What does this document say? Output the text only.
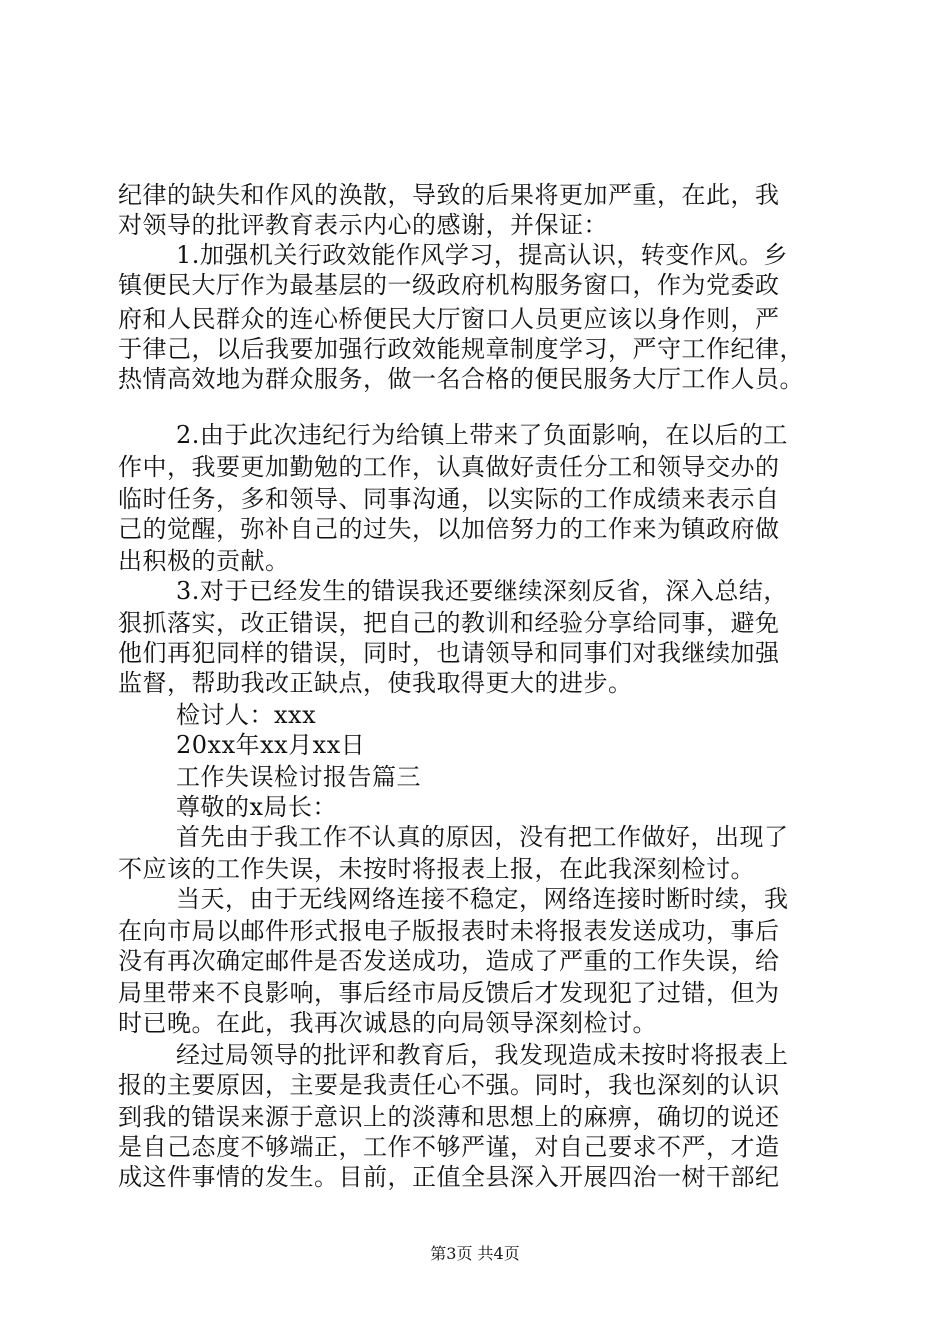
纪律的缺失和作风的涣散，导致的后果将更加严重，在此，我
对领导的批评教育表示内心的感谢，并保证：
1.加强机关行政效能作风学习，提高认识，转变作风。乡
镇便民大厅作为最基层的一级政府机构服务窗口，作为党委政
府和人民群众的连心桥便民大厅窗口人员更应该以身作则，严
于律己，以后我要加强行政效能规章制度学习，严守工作纪律，
热情高效地为群众服务，做一名合格的便民服务大厅工作人员。
2.由于此次违纪行为给镇上带来了负面影响，在以后的工
作中，我要更加勤勉的工作，认真做好责任分工和领导交办的
临时任务，多和领导、同事沟通，以实际的工作成绩来表示自
己的觉醒，弥补自己的过失，以加倍努力的工作来为镇政府做
出积极的贡献。
3.对于已经发生的错误我还要继续深刻反省，深入总结，
狠抓落实，改正错误，把自己的教训和经验分享给同事，避免
他们再犯同样的错误，同时，也请领导和同事们对我继续加强
监督，帮助我改正缺点，使我取得更大的进步。
检讨人：xxx
20xx年xx月xx日
工作失误检讨报告篇三
尊敬的x局长：
首先由于我工作不认真的原因，没有把工作做好，出现了
不应该的工作失误，未按时将报表上报，在此我深刻检讨。
当天，由于无线网络连接不稳定，网络连接时断时续，我
在向市局以邮件形式报电子版报表时未将报表发送成功，事后
没有再次确定邮件是否发送成功，造成了严重的工作失误，给
局里带来不良影响，事后经市局反馈后才发现犯了过错，但为
时已晚。在此，我再次诚恳的向局领导深刻检讨。
经过局领导的批评和教育后，我发现造成未按时将报表上
报的主要原因，主要是我责任心不强。同时，我也深刻的认识
到我的错误来源于意识上的淡薄和思想上的麻痹，确切的说还
是自己态度不够端正，工作不够严谨，对自己要求不严，才造
成这件事情的发生。目前，正值全县深入开展四治一树干部纪
第3页 共4页
